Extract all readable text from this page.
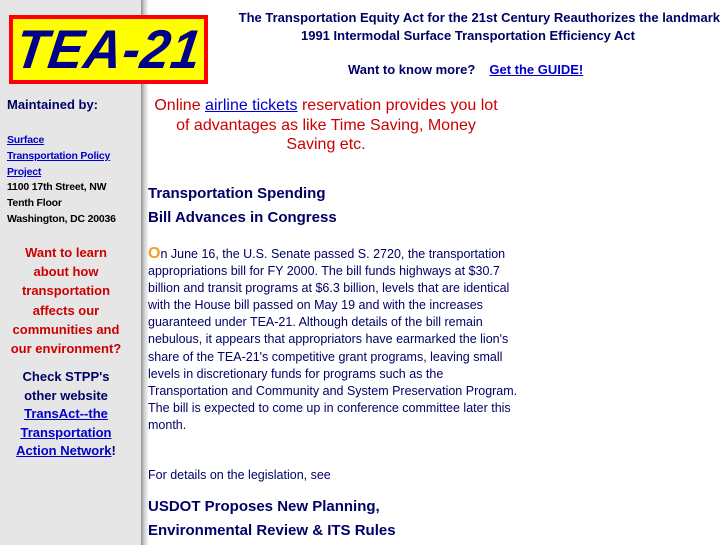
TEA-21
Maintained by:
Surface
Transportation Policy
Project
1100 17th Street, NW
Tenth Floor
Washington, DC 20036
Want to learn
about how
transportation
affects our
communities and
our environment?
Check STPP's
other website
TransAct--the
Transportation
Action Network!
The Transportation Equity Act for the 21st Century Reauthorizes the landmark
1991 Intermodal Surface Transportation Efficiency Act
Want to know more? Get the GUIDE!
Online airline tickets reservation provides you lot of advantages as like Time Saving, Money Saving etc.
Transportation Spending
Bill Advances in Congress
On June 16, the U.S. Senate passed S. 2720, the transportation appropriations bill for FY 2000. The bill funds highways at $30.7 billion and transit programs at $6.3 billion, levels that are identical with the House bill passed on May 19 and with the increases guaranteed under TEA-21. Although details of the bill remain nebulous, it appears that appropriators have earmarked the lion's share of the TEA-21's competitive grant programs, leaving small levels in discretionary funds for programs such as the Transportation and Community and System Preservation Program. The bill is expected to come up in conference committee later this month.
For details on the legislation, see
USDOT Proposes New Planning,
Environmental Review & ITS Rules
